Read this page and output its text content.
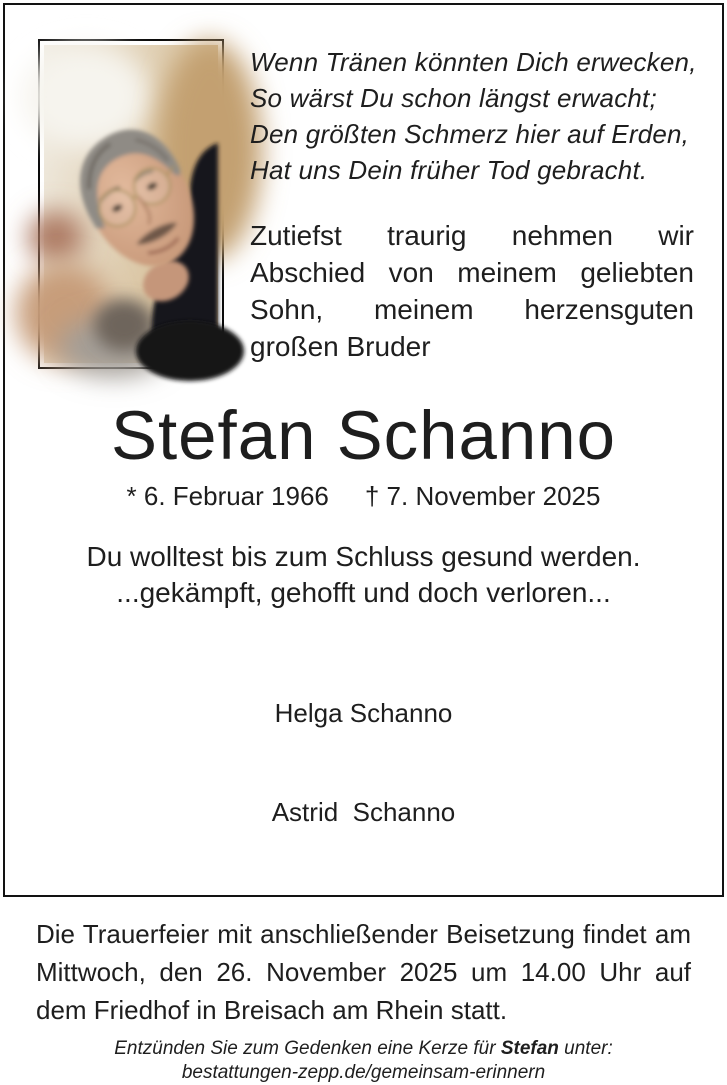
Wenn Tränen könnten Dich erwecken,
So wärst Du schon längst erwacht;
Den größten Schmerz hier auf Erden,
Hat uns Dein früher Tod gebracht.

Zutiefst traurig nehmen wir Abschied von meinem geliebten Sohn, meinem herzensguten großen Bruder

Stefan Schanno
* 6. Februar 1966 † 7. November 2025
Du wolltest bis zum Schluss gesund werden.
...gekämpft, gehofft und doch verloren...

Helga Schanno

Astrid  Schanno

Die Trauerfeier mit anschließender Beisetzung findet am Mittwoch, den 26. November 2025 um 14.00 Uhr auf dem Friedhof in Breisach am Rhein statt.

Entzünden Sie zum Gedenken eine Kerze für Stefan unter:
bestattungen-zepp.de/gemeinsam-erinnern
